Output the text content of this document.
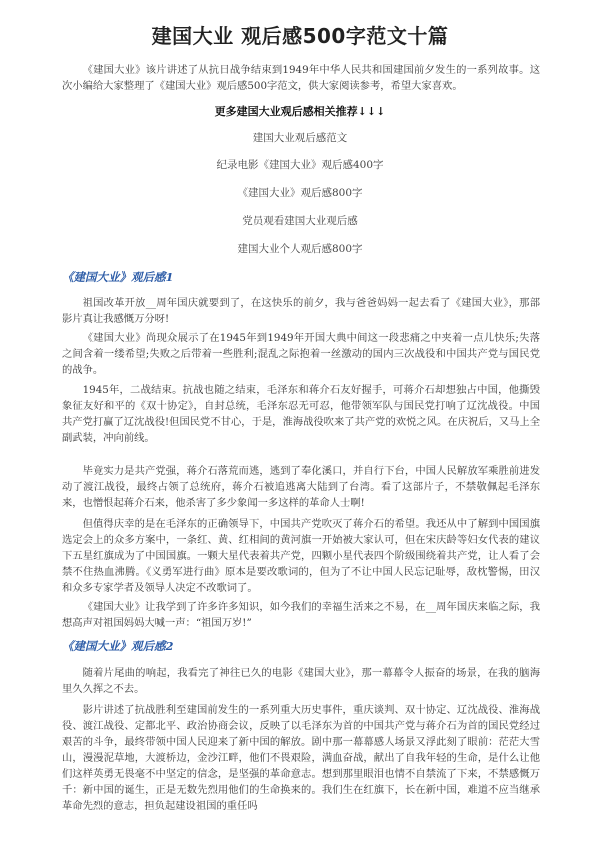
建国大业 观后感500字范文十篇

《建国大业》该片讲述了从抗日战争结束到1949年中华人民共和国建国前夕发生的一系列故事。这次小编给大家整理了《建国大业》观后感500字范文，供大家阅读参考，希望大家喜欢。

更多建国大业观后感相关推荐↓↓↓
建国大业观后感范文
纪录电影《建国大业》观后感400字
《建国大业》观后感800字
党员观看建国大业观后感
建国大业个人观后感800字
《建国大业》观后感1

祖国改革开放__周年国庆就要到了，在这快乐的前夕，我与爸爸妈妈一起去看了《建国大业》，那部影片真让我感慨万分呀!

《建国大业》尚现众展示了在1945年到1949年开国大典中间这一段悲痛之中夹着一点儿快乐;失落之间含着一缕希望;失败之后带着一些胜利;混乱之际抱着一丝激动的国内三次战役和中国共产党与国民党的战争。

1945年，二战结束。抗战也随之结束，毛泽东和蒋介石友好握手，可蒋介石却想独占中国，他撕毁象征友好和平的《双十协定》，自封总统，毛泽东忍无可忍，他带领军队与国民党打响了辽沈战役。中国共产党打赢了辽沈战役!但国民党不甘心，于是，淮海战役吹来了共产党的欢悦之风。在庆祝后，又马上全副武装，冲向前线。

毕竟实力是共产党强，蒋介石落荒而逃，逃到了奉化溪口，并自行下台，中国人民解放军乘胜前进发动了渡江战役，最终占领了总统府，蒋介石被追逃离大陆到了台湾。看了这部片子，不禁敬佩起毛泽东来，也憎恨起蒋介石来，他杀害了多少象闻一多这样的革命人士啊!

但值得庆幸的是在毛泽东的正确领导下，中国共产党吹灭了蒋介石的希望。我还从中了解到中国国旗选定会上的众多方案中，一条红、黄、红相间的黄河旗一开始被大家认可，但在宋庆龄等妇女代表的建议下五星红旗成为了中国国旗。一颗大星代表着共产党，四颗小星代表四个阶级围绕着共产党，让人看了会禁不住热血沸腾。《义勇军进行曲》原本是要改歌词的，但为了不让中国人民忘记耻辱，敌枕警惕，田汉和众多专家学者及领导人决定不改歌词了。

《建国大业》让我学到了许多许多知识，如今我们的幸福生活来之不易，在__周年国庆来临之际，我想高声对祖国妈妈大喊一声：“祖国万岁!”

《建国大业》观后感2

随着片尾曲的响起，我看完了神往已久的电影《建国大业》，那一幕幕令人振奋的场景，在我的脑海里久久挥之不去。

影片讲述了抗战胜利至建国前发生的一系列重大历史事件，重庆谈判、双十协定、辽沈战役、淮海战役、渡江战役、定都北平、政治协商会议，反映了以毛泽东为首的中国共产党与蒋介石为首的国民党经过艰苦的斗争，最终带领中国人民迎来了新中国的解放。剧中那一幕幕感人场景又浮此刻了眼前：茫茫大雪山，漫漫泥草地，大渡桥边，金沙江畔，他们不畏艰险，满血奋战，献出了自我年轻的生命，是什么让他们这样英勇无畏毫不中坚定的信念，是坚强的革命意志。想到那里眼泪也情不自禁流了下来，不禁感慨万千：新中国的诞生，正是无数先烈用他们的生命换来的。我们生在红旗下，长在新中国，难道不应当继承革命先烈的意志，担负起建设祖国的重任吗
